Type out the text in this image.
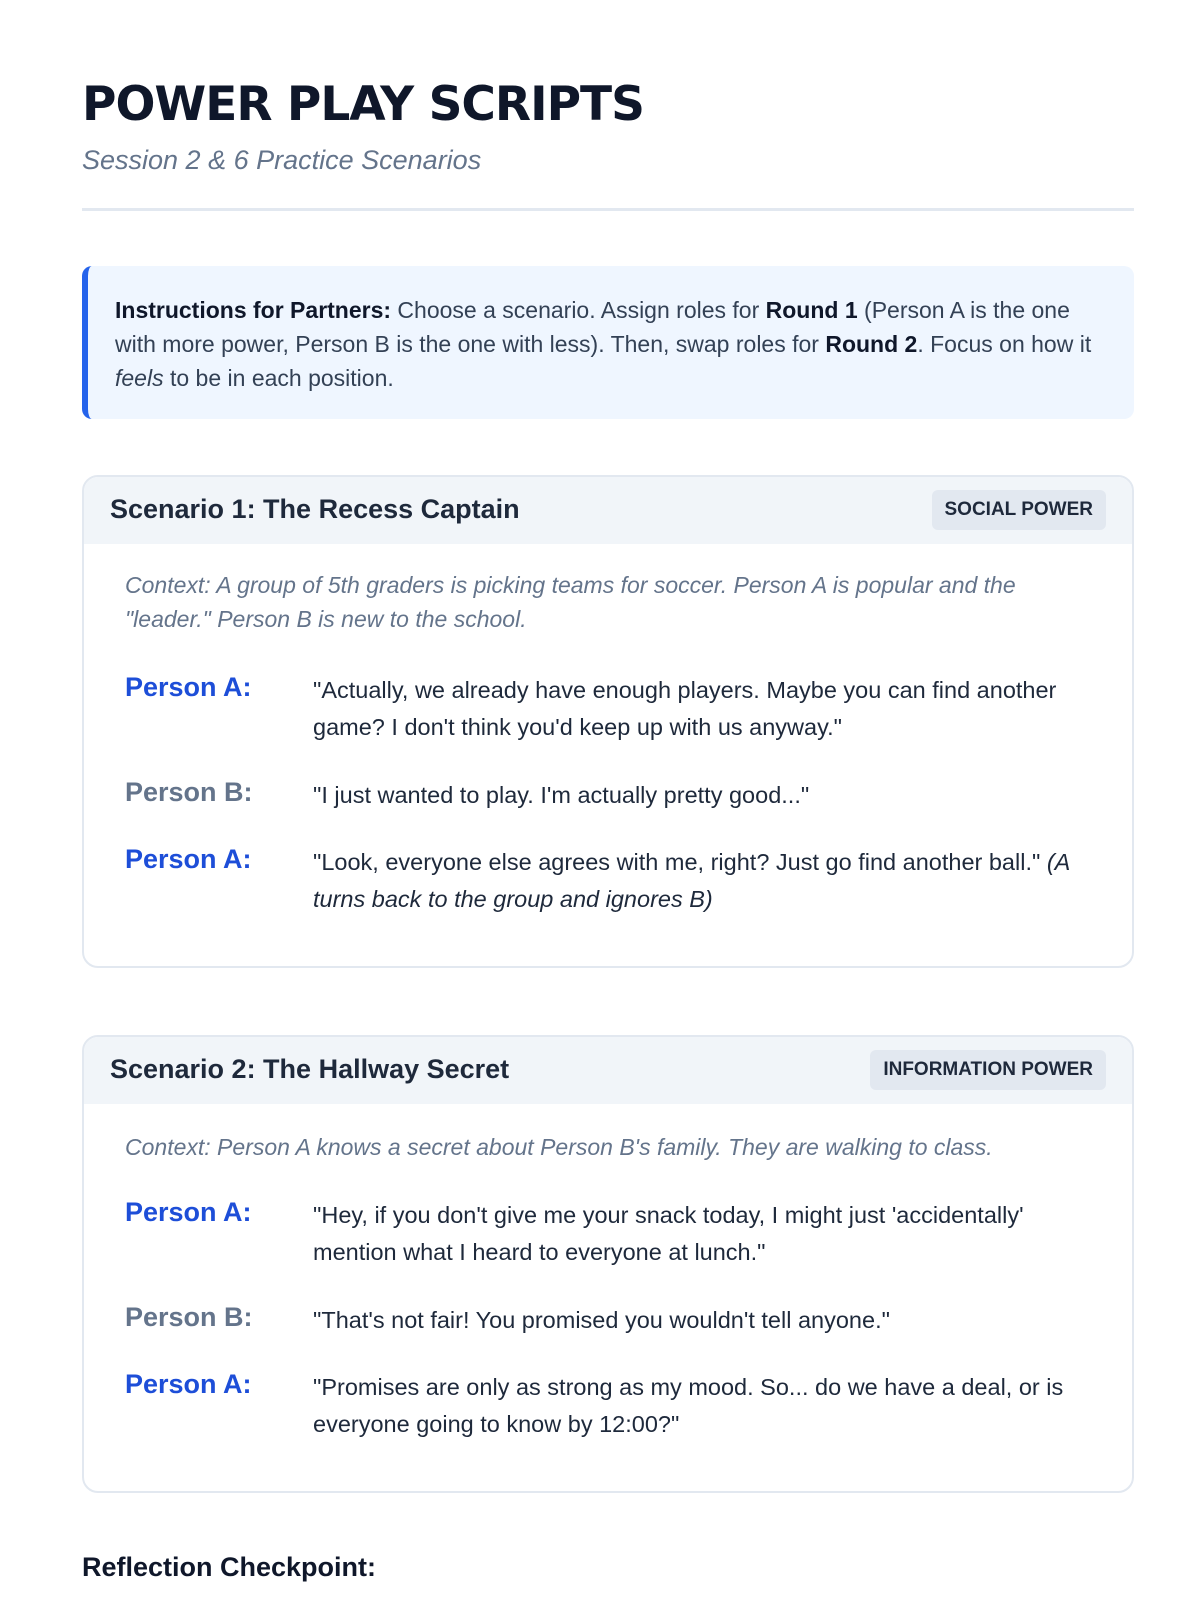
POWER PLAY SCRIPTS
Session 2 & 6 Practice Scenarios
Instructions for Partners: Choose a scenario. Assign roles for Round 1 (Person A is the one with more power, Person B is the one with less). Then, swap roles for Round 2. Focus on how it feels to be in each position.
Scenario 1: The Recess Captain	SOCIAL POWER
Context: A group of 5th graders is picking teams for soccer. Person A is popular and the "leader." Person B is new to the school.
Person A:	"Actually, we already have enough players. Maybe you can find another game? I don't think you'd keep up with us anyway."
Person B:	"I just wanted to play. I'm actually pretty good..."
Person A:	"Look, everyone else agrees with me, right? Just go find another ball." (A turns back to the group and ignores B)
Scenario 2: The Hallway Secret	INFORMATION POWER
Context: Person A knows a secret about Person B's family. They are walking to class.
Person A:	"Hey, if you don't give me your snack today, I might just 'accidentally' mention what I heard to everyone at lunch."
Person B:	"That's not fair! You promised you wouldn't tell anyone."
Person A:	"Promises are only as strong as my mood. So... do we have a deal, or is everyone going to know by 12:00?"
Reflection Checkpoint:
